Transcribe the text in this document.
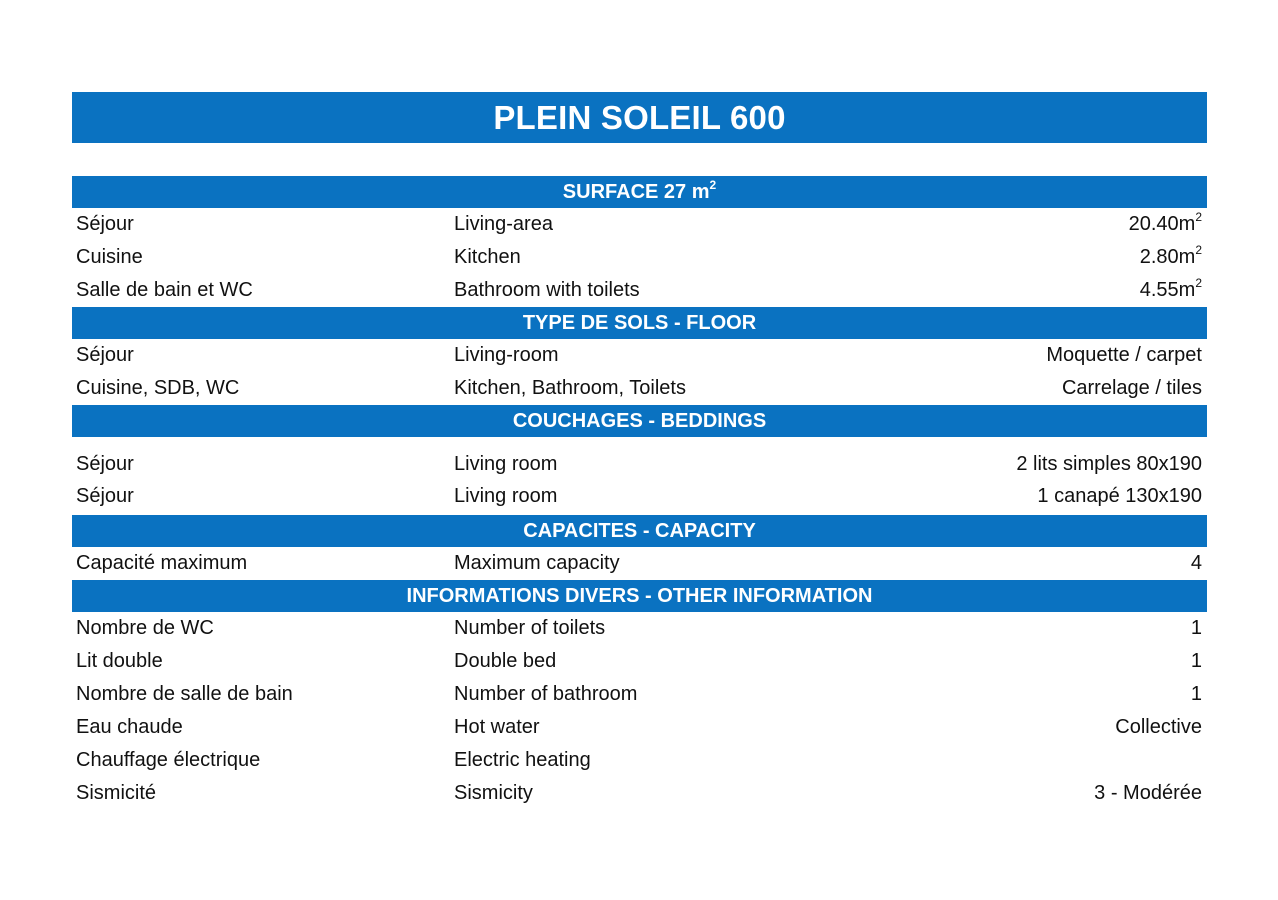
PLEIN SOLEIL 600
SURFACE 27 $m^2$
Séjour	Living-area	$20.40m^2$
Cuisine	Kitchen	$2.80m^2$
Salle de bain et WC	Bathroom with toilets	$4.55m^2$
TYPE DE SOLS - FLOOR
Séjour	Living-room	Moquette / carpet
Cuisine, SDB, WC	Kitchen, Bathroom, Toilets	Carrelage / tiles
COUCHAGES - BEDDINGS
Séjour	Living room	2 lits simples 80x190
Séjour	Living room	1 canapé 130x190
CAPACITES - CAPACITY
Capacité maximum	Maximum capacity	4
INFORMATIONS DIVERS - OTHER INFORMATION
Nombre de WC	Number of toilets	1
Lit double	Double bed	1
Nombre de salle de bain	Number of bathroom	1
Eau chaude	Hot water	Collective
Chauffage électrique	Electric heating
Sismicité	Sismicity	3 - Modérée
